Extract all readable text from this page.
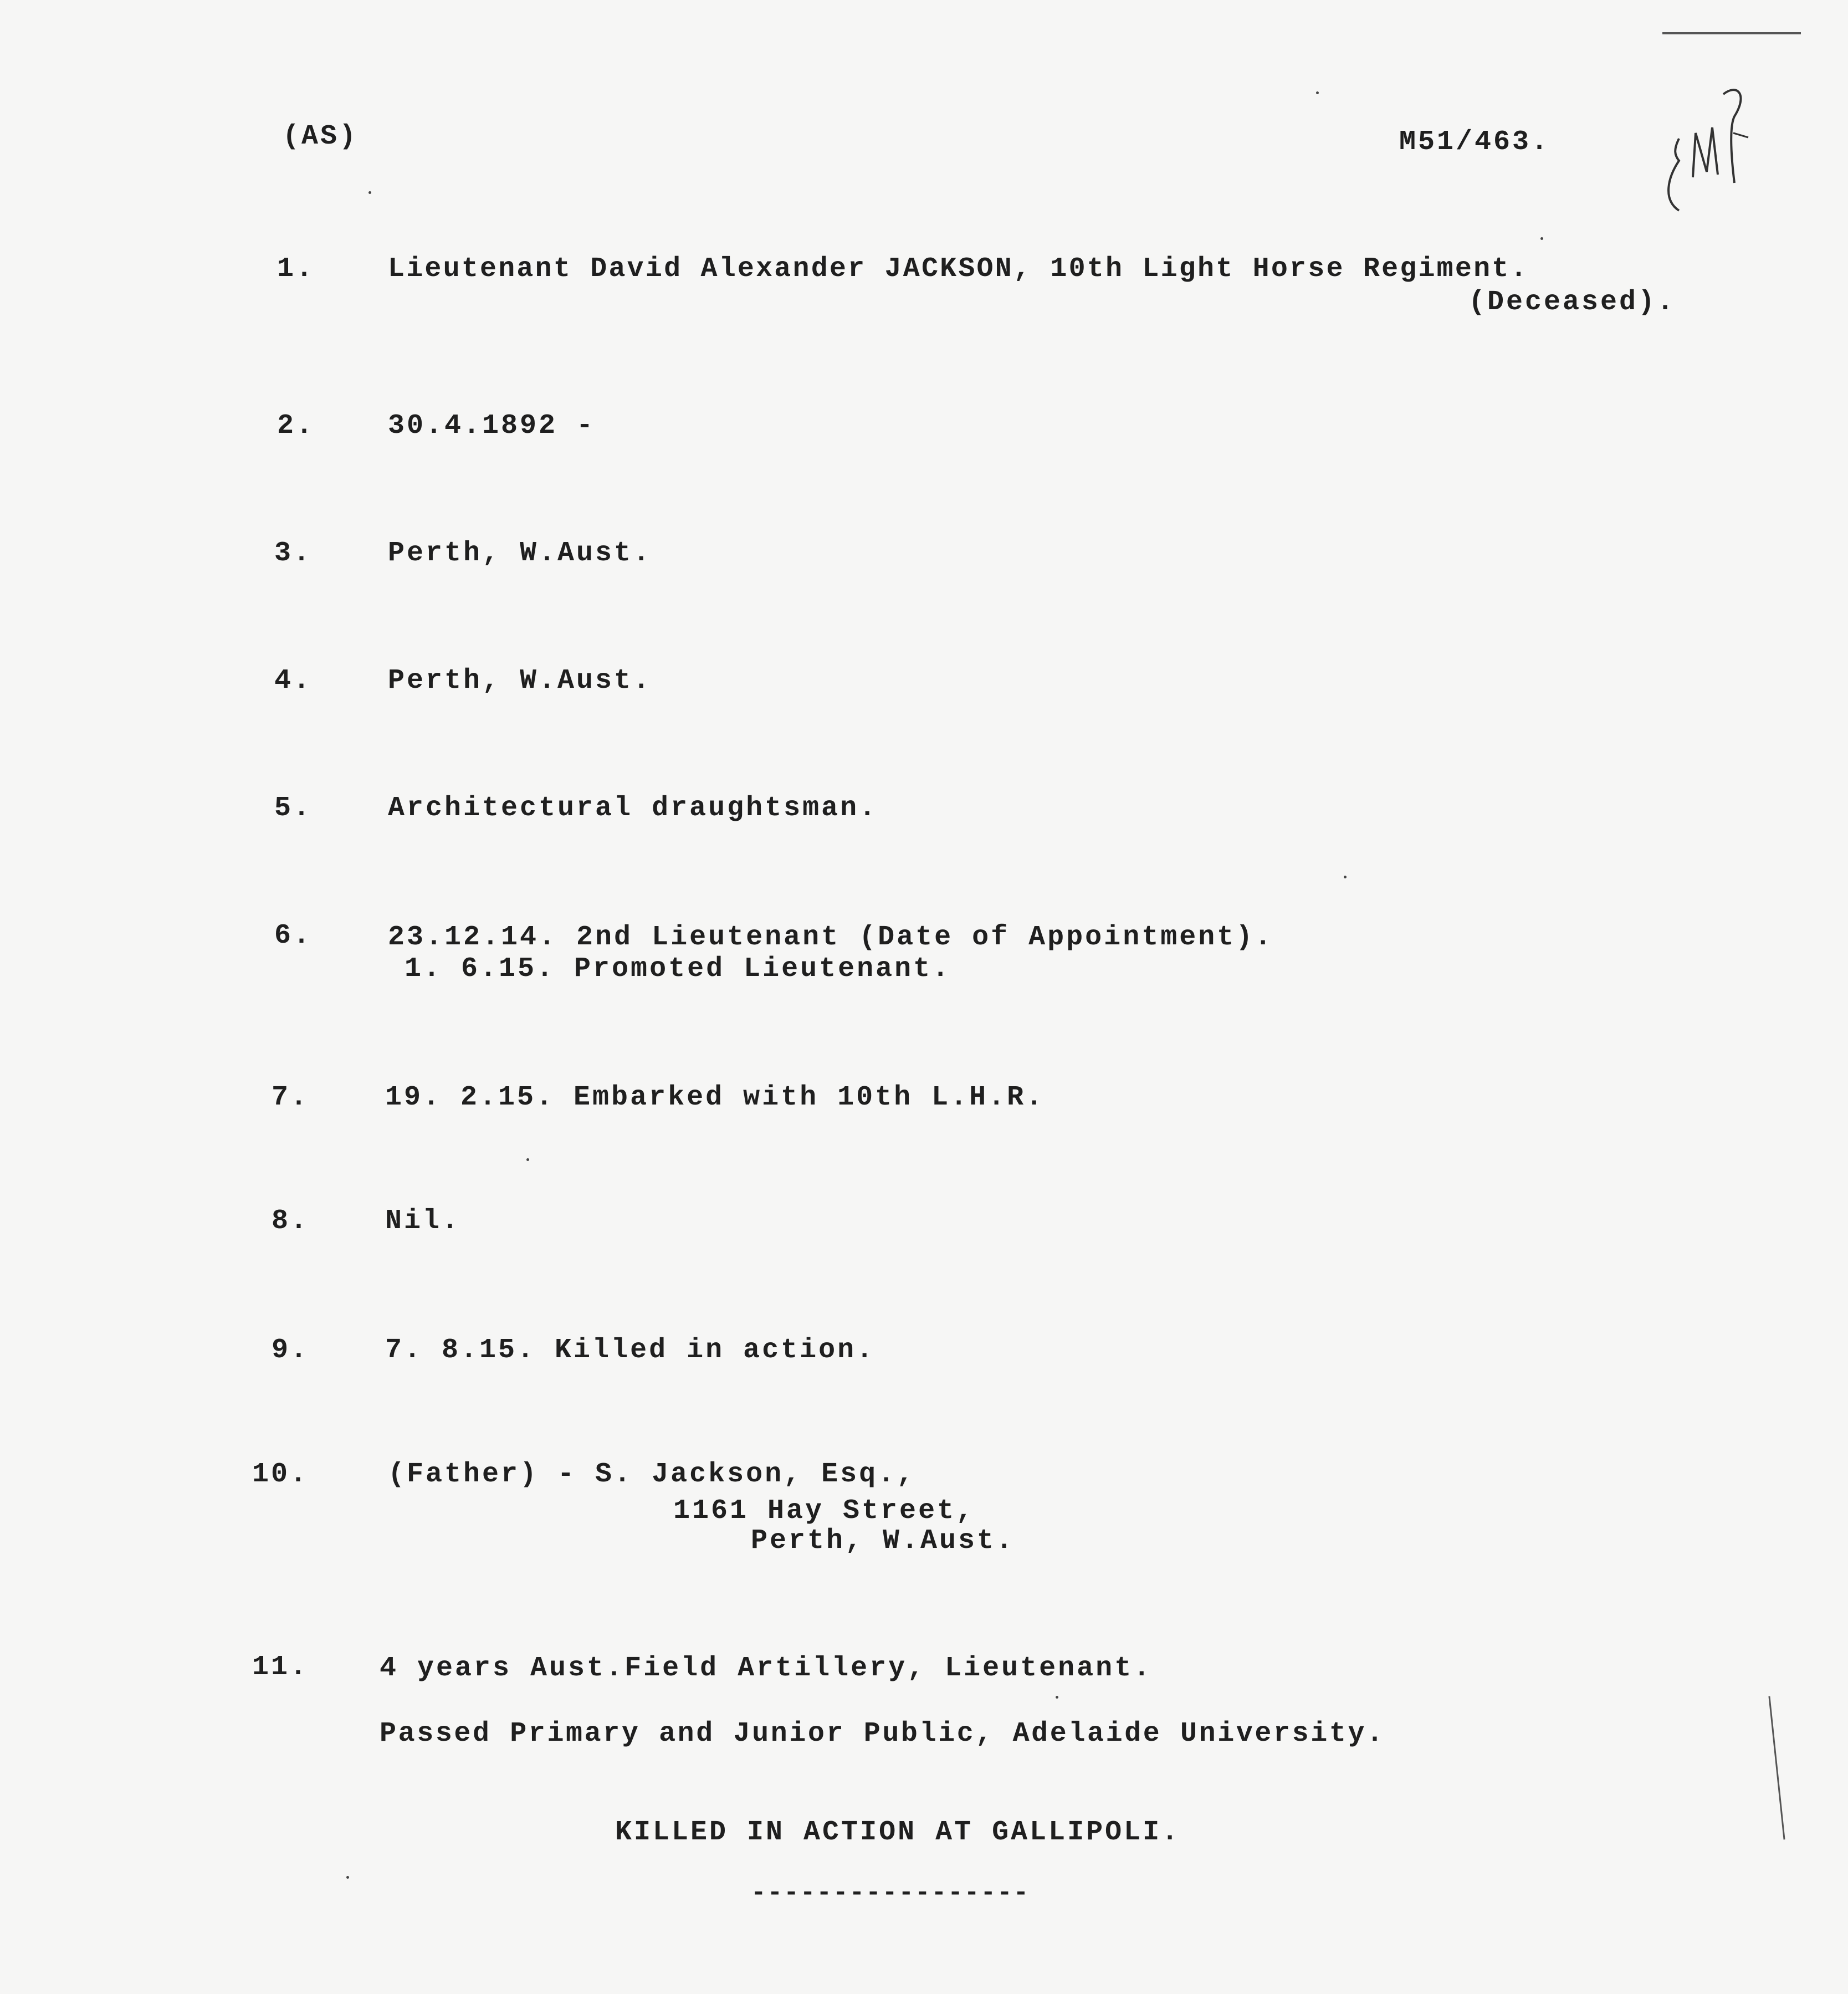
(AS)	M51/463.
1.	Lieutenant David Alexander JACKSON, 10th Light Horse Regiment.
(Deceased).
2.	30.4.1892 -
3.	Perth, W.Aust.
4.	Perth, W.Aust.
5.	Architectural draughtsman.
6.	23.12.14. 2nd Lieutenant (Date of Appointment).
1. 6.15. Promoted Lieutenant.
7.	19. 2.15. Embarked with 10th L.H.R.
8.	Nil.
9.	7. 8.15. Killed in action.
10.	(Father) - S. Jackson, Esq.,
1161 Hay Street,
Perth, W.Aust.
11.	4 years Aust.Field Artillery, Lieutenant.
Passed Primary and Junior Public, Adelaide University.
KILLED IN ACTION AT GALLIPOLI.
-----------------
